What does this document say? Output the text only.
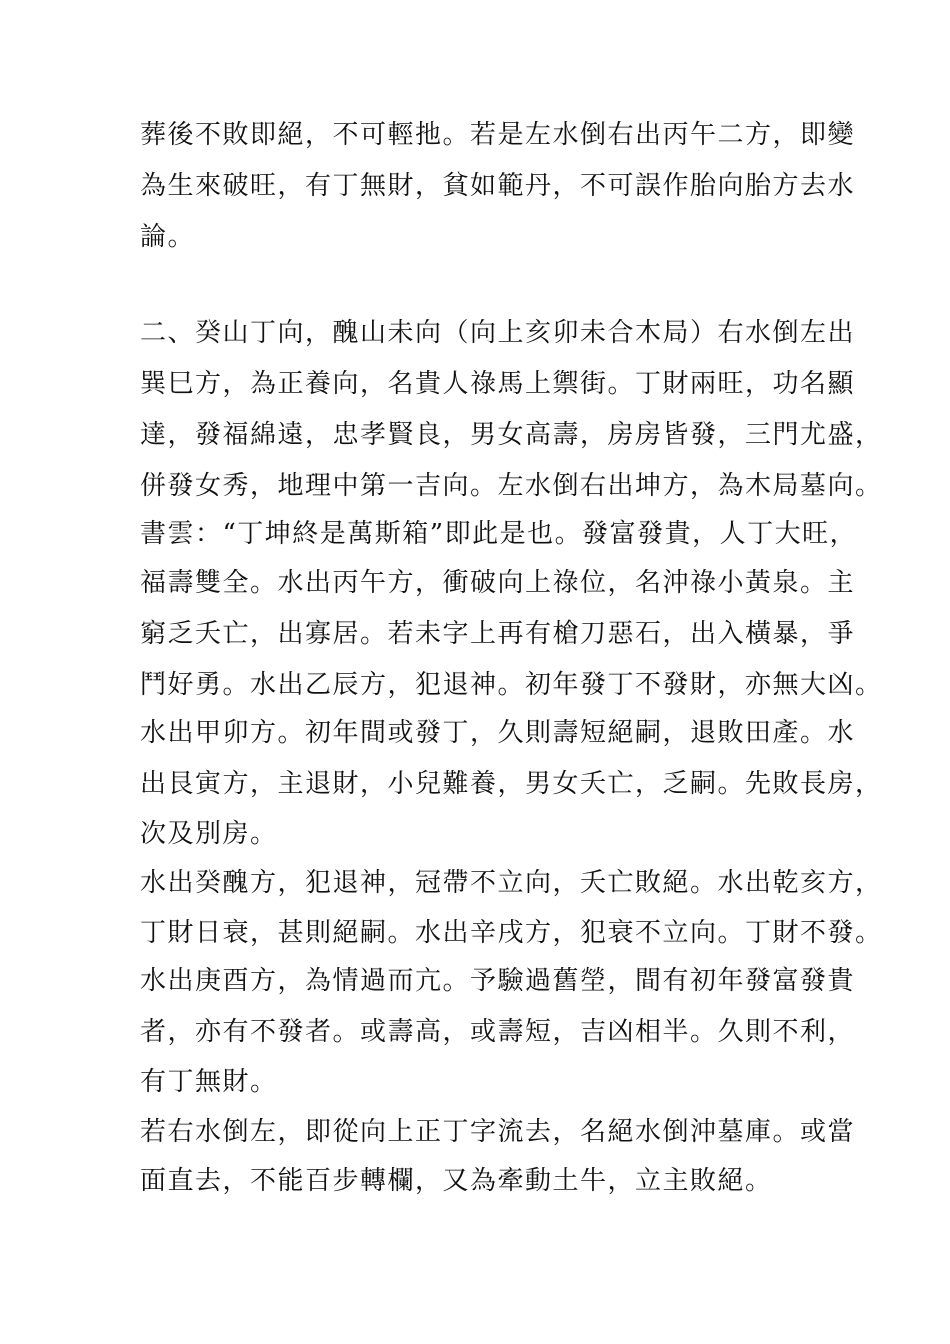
葬後不敗即絕，不可輕扡。若是左水倒右出丙午二方，即變
為生來破旺，有丁無財，貧如範丹，不可誤作胎向胎方去水
論。
二、癸山丁向，醜山未向（向上亥卯未合木局）右水倒左出
巽巳方，為正養向，名貴人祿馬上禦街。丁財兩旺，功名顯
達，發福綿遠，忠孝賢良，男女高壽，房房皆發，三門尤盛，
併發女秀，地理中第一吉向。左水倒右出坤方，為木局墓向。
書雲：“丁坤終是萬斯箱”即此是也。發富發貴，人丁大旺，
福壽雙全。水出丙午方，衝破向上祿位，名沖祿小黃泉。主
窮乏夭亡，出寡居。若未字上再有槍刀惡石，出入橫暴，爭
鬥好勇。水出乙辰方，犯退神。初年發丁不發財，亦無大凶。
水出甲卯方。初年間或發丁，久則壽短絕嗣，退敗田產。水
出艮寅方，主退財，小兒難養，男女夭亡，乏嗣。先敗長房，
次及別房。
水出癸醜方，犯退神，冠帶不立向，夭亡敗絕。水出乾亥方，
丁財日衰，甚則絕嗣。水出辛戌方，犯衰不立向。丁財不發。
水出庚酉方，為情過而亢。予驗過舊塋，間有初年發富發貴
者，亦有不發者。或壽高，或壽短，吉凶相半。久則不利，
有丁無財。
若右水倒左，即從向上正丁字流去，名絕水倒沖墓庫。或當
面直去，不能百步轉欄，又為牽動土牛，立主敗絕。
